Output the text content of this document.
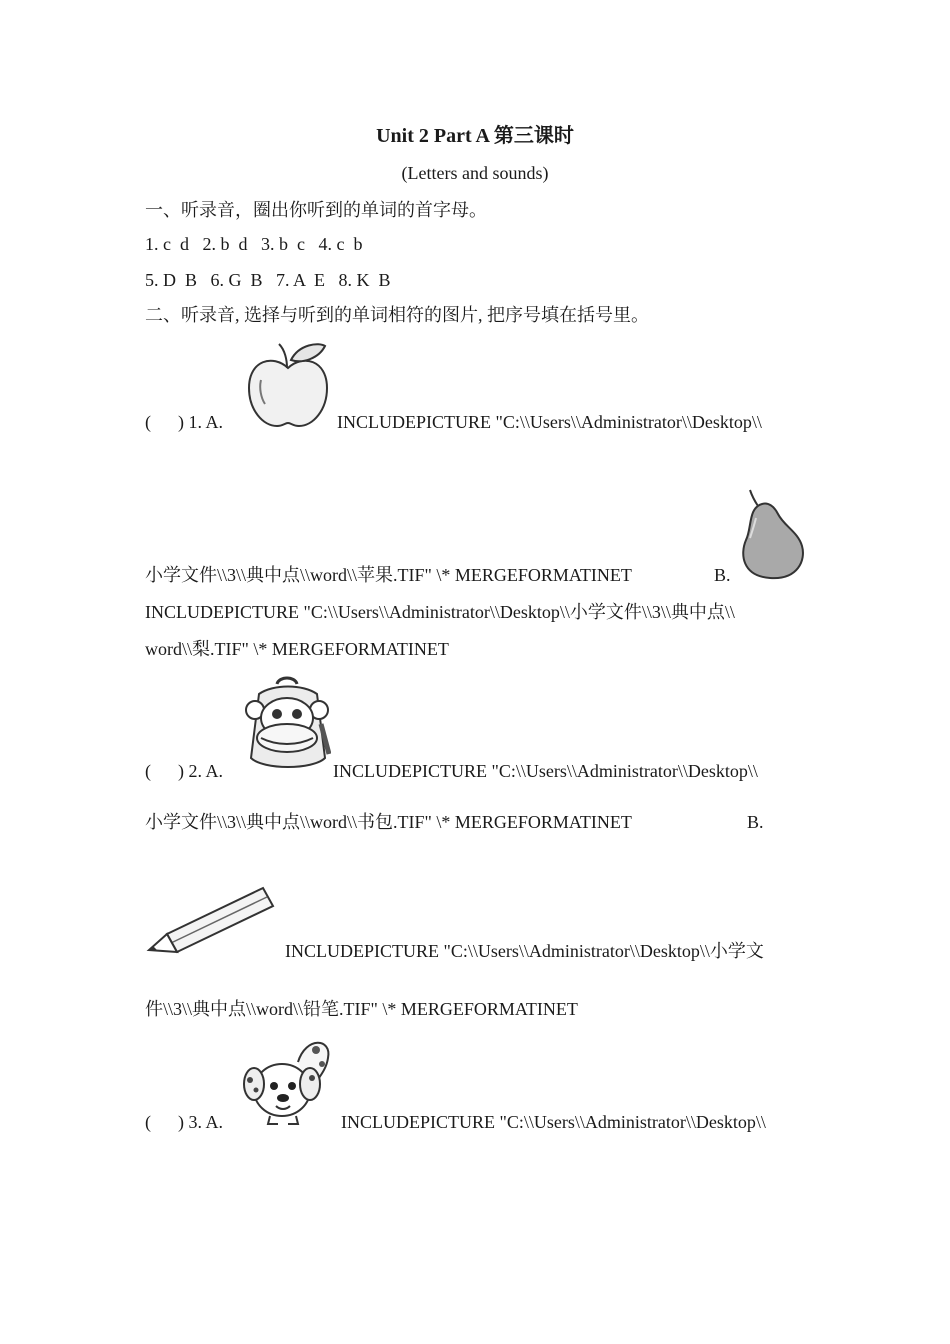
Unit 2 Part A 第三课时
(Letters and sounds)
一、听录音，圈出你听到的单词的首字母。
1. c  d   2. b  d   3. b  c   4. c  b
5. D  B   6. G  B   7. A  E   8. K  B
二、听录音, 选择与听到的单词相符的图片, 把序号填在括号里。
(      ) 1. A.	INCLUDEPICTURE "C:\\Users\\Administrator\\Desktop\\
小学文件\\3\\典中点\\word\\苹果.TIF" \* MERGEFORMATINET	B.
INCLUDEPICTURE "C:\\Users\\Administrator\\Desktop\\小学文件\\3\\典中点\\
word\\梨.TIF" \* MERGEFORMATINET
(      ) 2. A.	INCLUDEPICTURE "C:\\Users\\Administrator\\Desktop\\
小学文件\\3\\典中点\\word\\书包.TIF" \* MERGEFORMATINET	B.
INCLUDEPICTURE "C:\\Users\\Administrator\\Desktop\\小学文
件\\3\\典中点\\word\\铅笔.TIF" \* MERGEFORMATINET
(      ) 3. A.	INCLUDEPICTURE "C:\\Users\\Administrator\\Desktop\\
